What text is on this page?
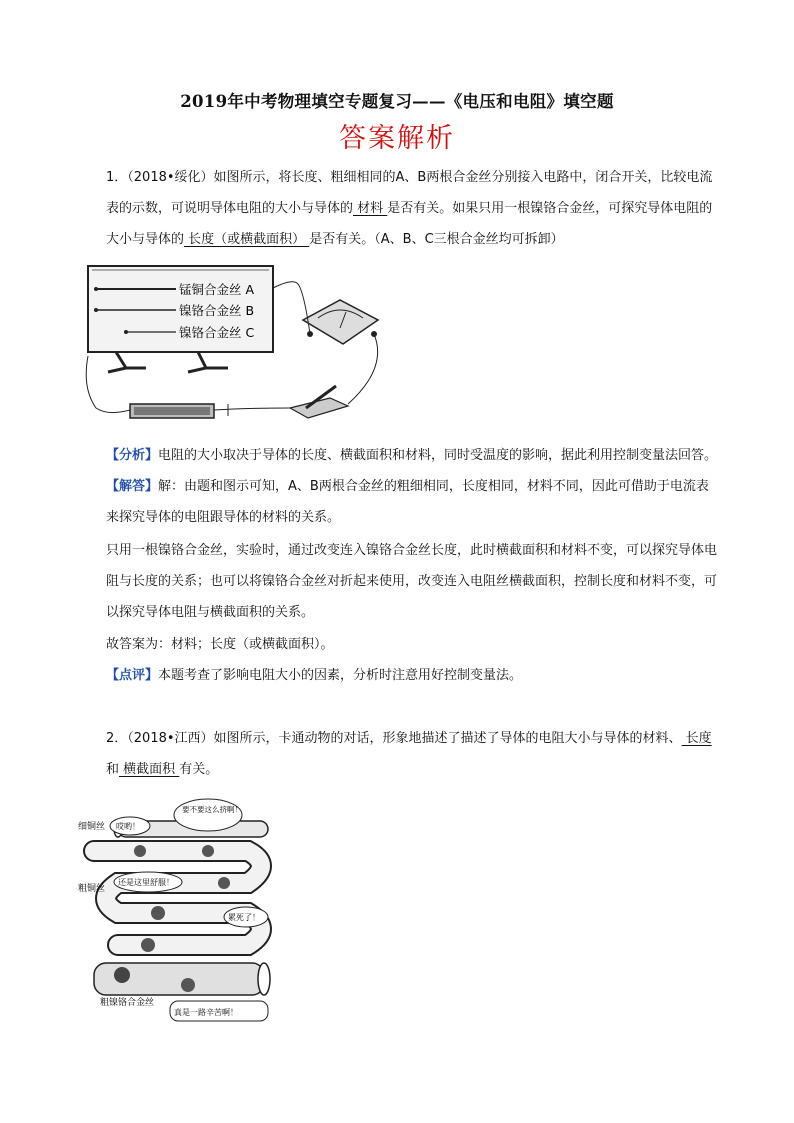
2019年中考物理填空专题复习——《电压和电阻》填空题
答案解析

1．（2018•绥化）如图所示，将长度、粗细相同的A、B两根合金丝分别接入电路中，闭合开关，比较电流表的示数，可说明导体电阻的大小与导体的 材料 是否有关。如果只用一根镍铬合金丝，可探究导体电阻的大小与导体的 长度（或横截面积） 是否有关。（A、B、C三根合金丝均可拆卸）

锰铜合金丝 A
镍铬合金丝 B
镍铬合金丝 C

【分析】电阻的大小取决于导体的长度、横截面积和材料，同时受温度的影响，据此利用控制变量法回答。

【解答】解：由题和图示可知，A、B两根合金丝的粗细相同，长度相同，材料不同，因此可借助于电流表来探究导体的电阻跟导体的材料的关系。

只用一根镍铬合金丝，实验时，通过改变连入镍铬合金丝长度，此时横截面积和材料不变，可以探究导体电阻与长度的关系；也可以将镍铬合金丝对折起来使用，改变连入电阻丝横截面积，控制长度和材料不变，可以探究导体电阻与横截面积的关系。

故答案为：材料；长度（或横截面积）。

【点评】本题考查了影响电阻大小的因素，分析时注意用好控制变量法。

2．（2018•江西）如图所示，卡通动物的对话，形象地描述了描述了导体的电阻大小与导体的材料、 长度 和 横截面积 有关。

细铜丝 哎哟！
要不要这么挤啊！
粗铜丝
还是这里舒服！
累死了！
粗镍铬合金丝
真是一路辛苦啊！
